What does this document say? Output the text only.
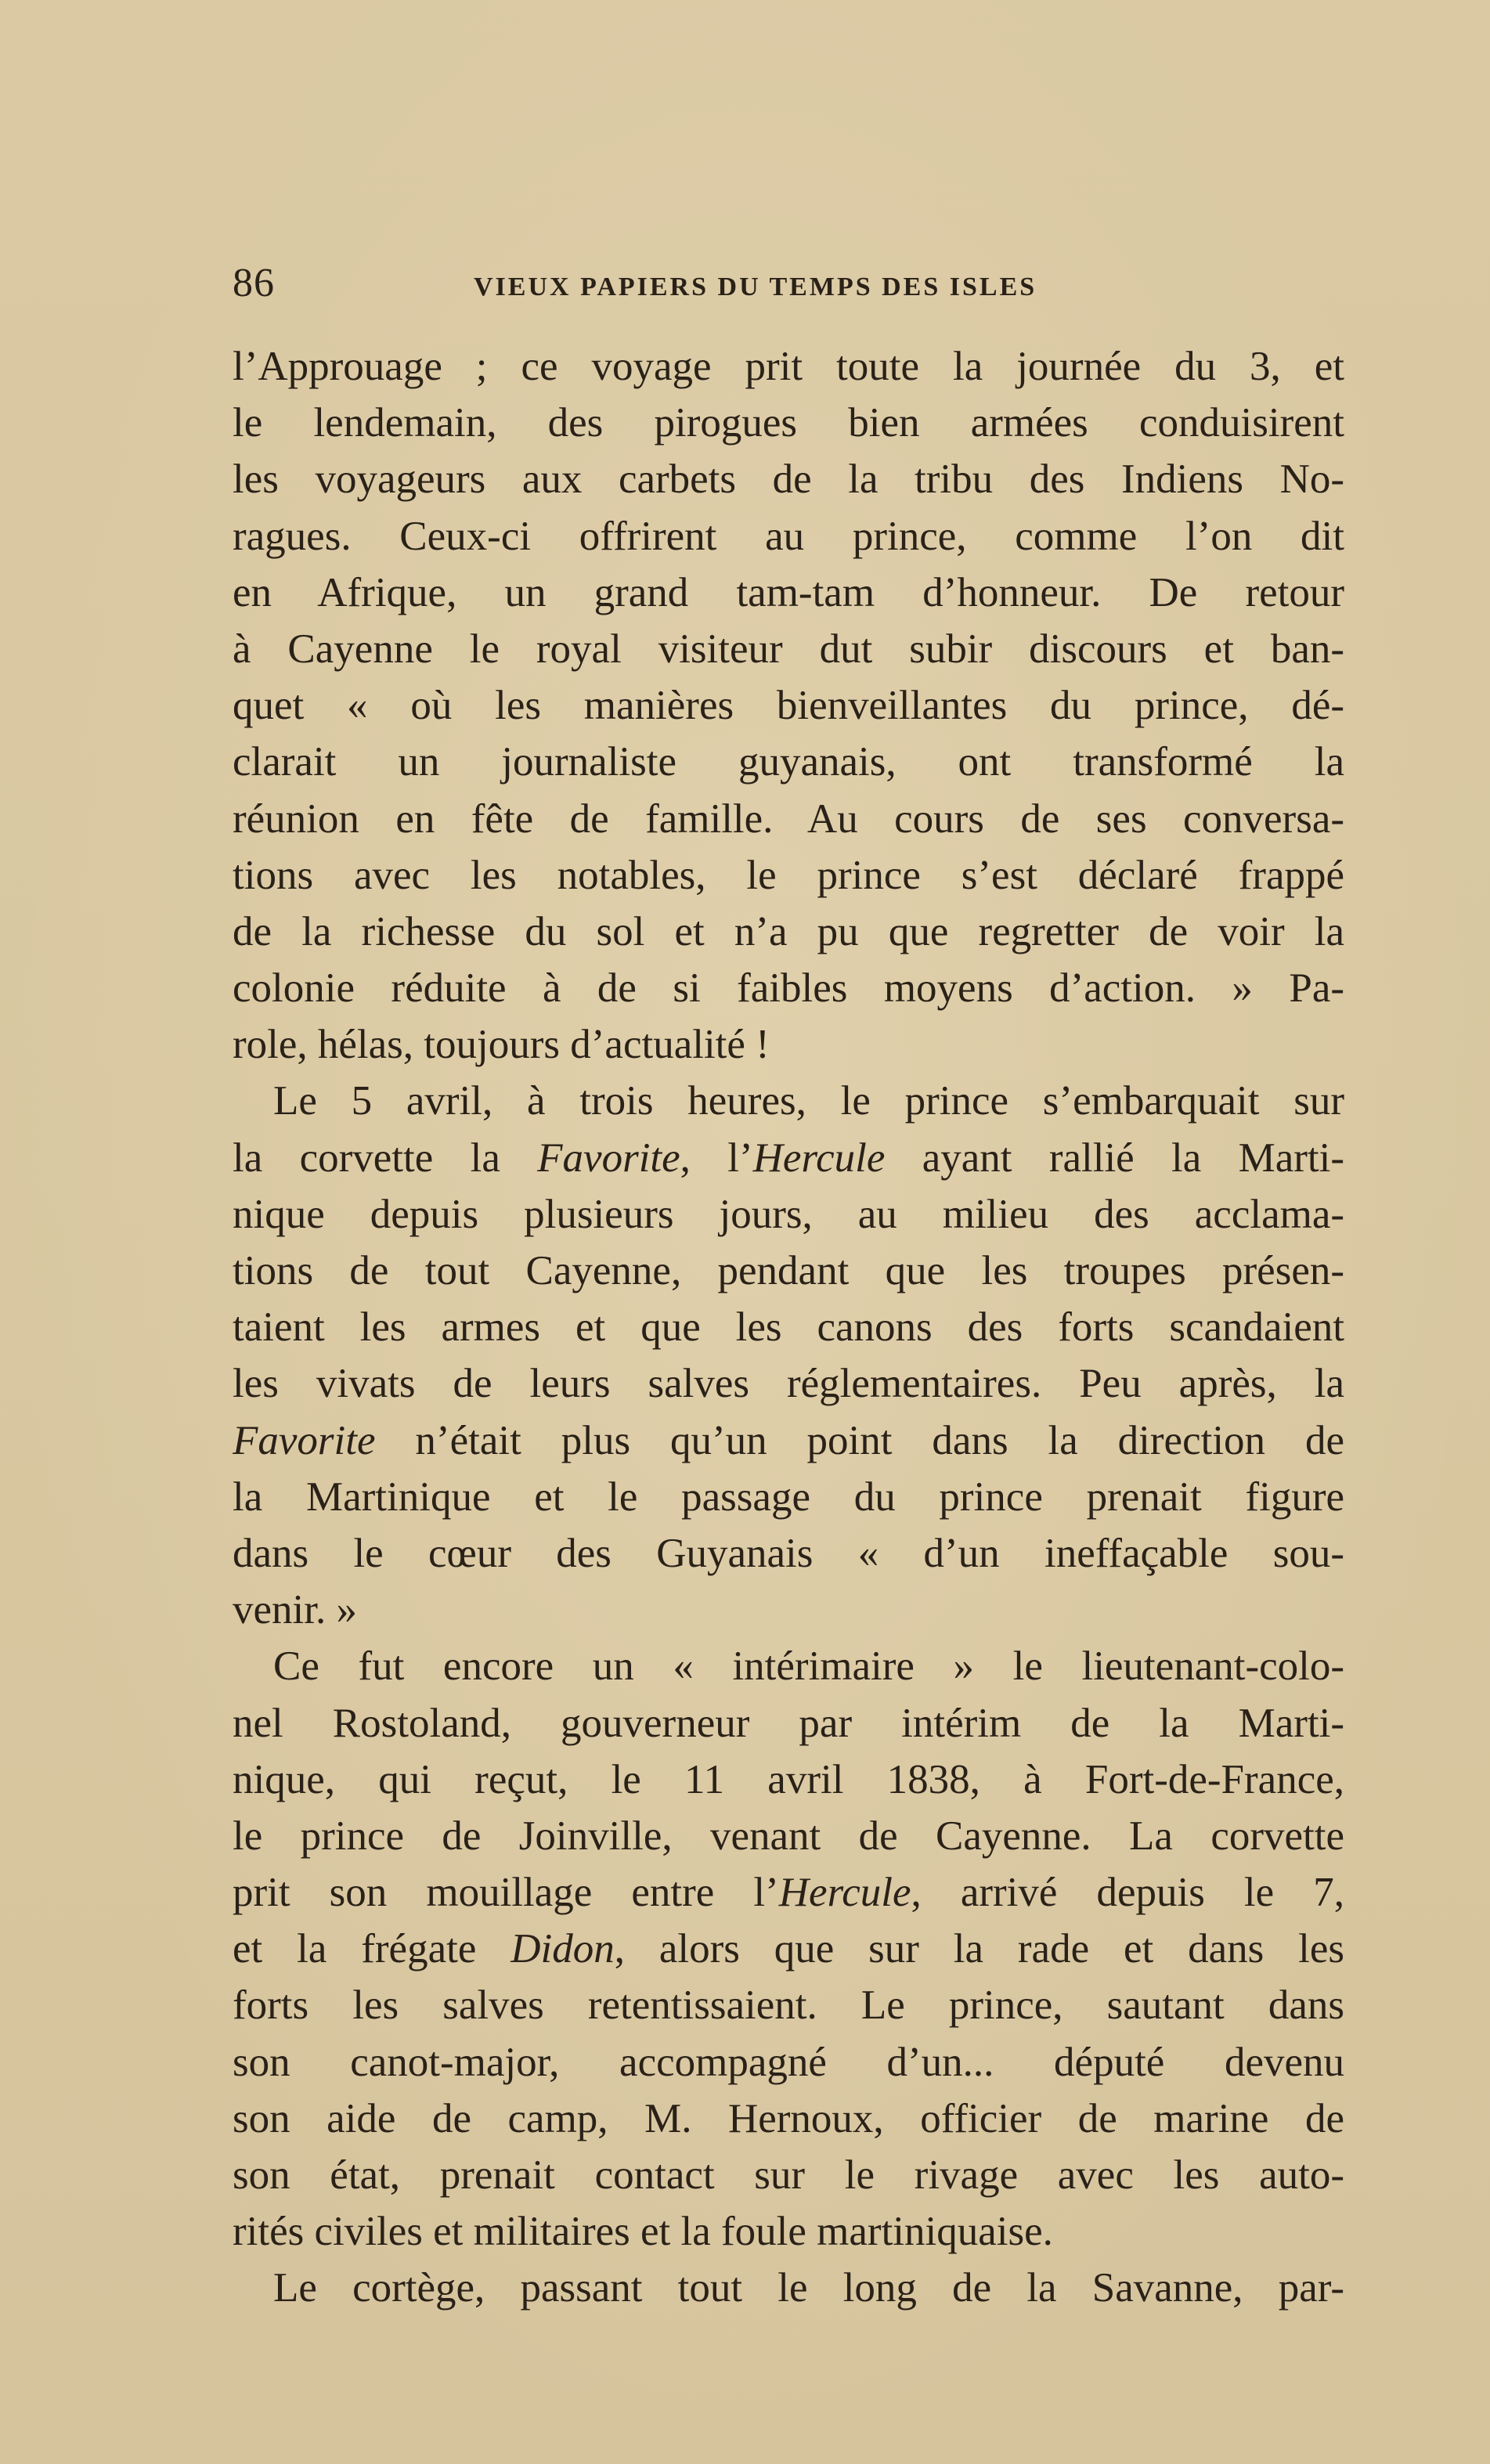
86	VIEUX PAPIERS DU TEMPS DES ISLES
l’Approuage ; ce voyage prit toute la journée du 3, et
le lendemain, des pirogues bien armées conduisirent
les voyageurs aux carbets de la tribu des Indiens No-
ragues. Ceux-ci offrirent au prince, comme l’on dit
en Afrique, un grand tam-tam d’honneur. De retour
à Cayenne le royal visiteur dut subir discours et ban-
quet « où les manières bienveillantes du prince, dé-
clarait un journaliste guyanais, ont transformé la
réunion en fête de famille. Au cours de ses conversa-
tions avec les notables, le prince s’est déclaré frappé
de la richesse du sol et n’a pu que regretter de voir la
colonie réduite à de si faibles moyens d’action. » Pa-
role, hélas, toujours d’actualité !
Le 5 avril, à trois heures, le prince s’embarquait sur
la corvette la Favorite, l’Hercule ayant rallié la Marti-
nique depuis plusieurs jours, au milieu des acclama-
tions de tout Cayenne, pendant que les troupes présen-
taient les armes et que les canons des forts scandaient
les vivats de leurs salves réglementaires. Peu après, la
Favorite n’était plus qu’un point dans la direction de
la Martinique et le passage du prince prenait figure
dans le cœur des Guyanais « d’un ineffaçable sou-
venir. »
Ce fut encore un « intérimaire » le lieutenant-colo-
nel Rostoland, gouverneur par intérim de la Marti-
nique, qui reçut, le 11 avril 1838, à Fort-de-France,
le prince de Joinville, venant de Cayenne. La corvette
prit son mouillage entre l’Hercule, arrivé depuis le 7,
et la frégate Didon, alors que sur la rade et dans les
forts les salves retentissaient. Le prince, sautant dans
son canot-major, accompagné d’un... député devenu
son aide de camp, M. Hernoux, officier de marine de
son état, prenait contact sur le rivage avec les auto-
rités civiles et militaires et la foule martiniquaise.
Le cortège, passant tout le long de la Savanne, par-
